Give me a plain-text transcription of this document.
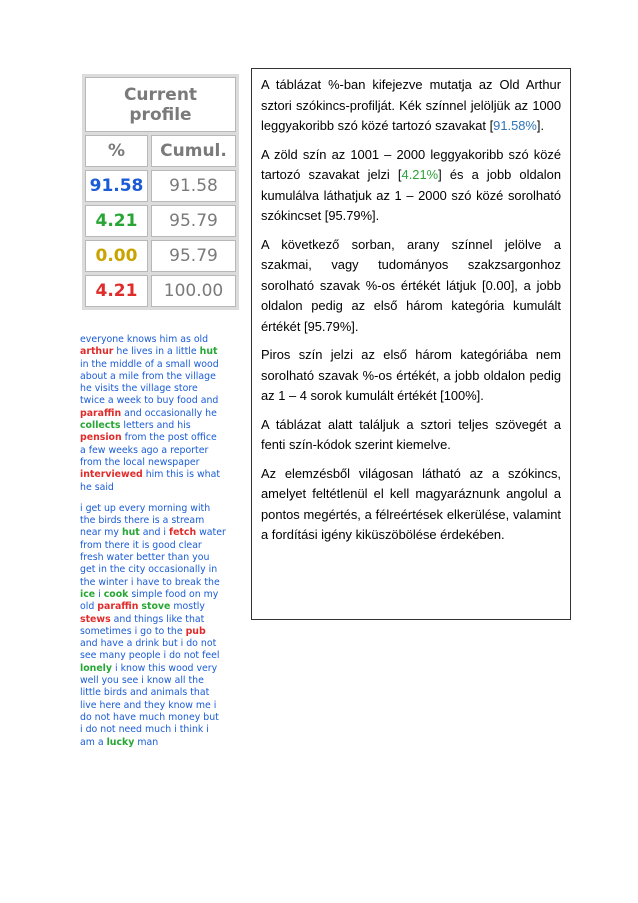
Current
profile
%	Cumul.
91.58	91.58
4.21	95.79
0.00	95.79
4.21	100.00
everyone knows him as old
arthur he lives in a little hut
in the middle of a small wood
about a mile from the village
he visits the village store
twice a week to buy food and
paraffin and occasionally he
collects letters and his
pension from the post office
a few weeks ago a reporter
from the local newspaper
interviewed him this is what
he said
i get up every morning with
the birds there is a stream
near my hut and i fetch water
from there it is good clear
fresh water better than you
get in the city occasionally in
the winter i have to break the
ice i cook simple food on my
old paraffin stove mostly
stews and things like that
sometimes i go to the pub
and have a drink but i do not
see many people i do not feel
lonely i know this wood very
well you see i know all the
little birds and animals that
live here and they know me i
do not have much money but
i do not need much i think i
am a lucky man

A táblázat %-ban kifejezve mutatja az Old Arthur sztori szókincs-profilját. Kék színnel jelöljük az 1000 leggyakoribb szó közé tartozó szavakat [91.58%].

A zöld szín az 1001 – 2000 leggyakoribb szó közé tartozó szavakat jelzi [4.21%] és a jobb oldalon kumulálva láthatjuk az 1 – 2000 szó közé sorolható szókincset [95.79%].

A következő sorban, arany színnel jelölve a szakmai, vagy tudományos szakzsargonhoz sorolható szavak %-os értékét látjuk [0.00], a jobb oldalon pedig az első három kategória kumulált értékét [95.79%].

Piros szín jelzi az első három kategóriába nem sorolható szavak %-os értékét, a jobb oldalon pedig az 1 – 4 sorok kumulált értékét [100%].

A táblázat alatt találjuk a sztori teljes szövegét a fenti szín-kódok szerint kiemelve.

Az elemzésből világosan látható az a szókincs, amelyet feltétlenül el kell magyaráznunk angolul a pontos megértés, a félreértések elkerülése, valamint a fordítási igény kiküszöbölése érdekében.
